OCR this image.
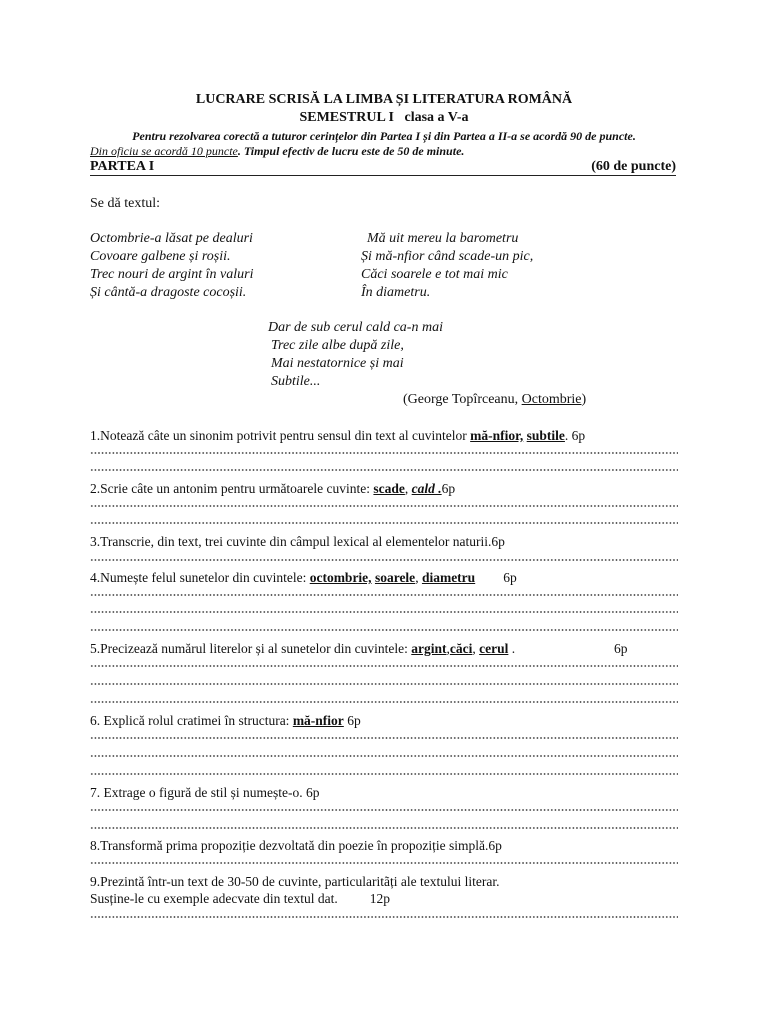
LUCRARE SCRISĂ LA LIMBA ȘI LITERATURA ROMÂNĂ
SEMESTRUL I clasa a V-a
Pentru rezolvarea corectă a tuturor cerințelor din Partea I și din Partea a II-a se acordă 90 de puncte.
Din oficiu se acordă 10 puncte. Timpul efectiv de lucru este de 50 de minute.
PARTEA I	(60 de puncte)
Se dă textul:
Octombrie-a lăsat pe dealuri
Covoare galbene și roșii.
Trec nouri de argint în valuri
Și cântă-a dragoste cocoșii.
Mă uit mereu la barometru
Și mă-nfior când scade-un pic,
Căci soarele e tot mai mic
În diametru.
Dar de sub cerul cald ca-n mai
Trec zile albe după zile,
Mai nestatornice și mai
Subtile...
(George Topîrceanu, Octombrie)
1.Notează câte un sinonim potrivit pentru sensul din text al cuvintelor mă-nfior, subtile. 6p
2.Scrie câte un antonim pentru următoarele cuvinte: scade, cald .6p
3.Transcrie, din text, trei cuvinte din câmpul lexical al elementelor naturii.6p
4.Numește felul sunetelor din cuvintele: octombrie, soarele, diametru 6p
5.Precizează numărul literelor și al sunetelor din cuvintele: argint,căci, cerul .	6p
6. Explică rolul cratimei în structura: mă-nfior 6p
7. Extrage o figură de stil și numește-o. 6p
8.Transformă prima propoziție dezvoltată din poezie în propoziție simplă.6p
9.Prezintă într-un text de 30-50 de cuvinte, particularitãți ale textului literar.
Susține-le cu exemple adecvate din textul dat. 12p
